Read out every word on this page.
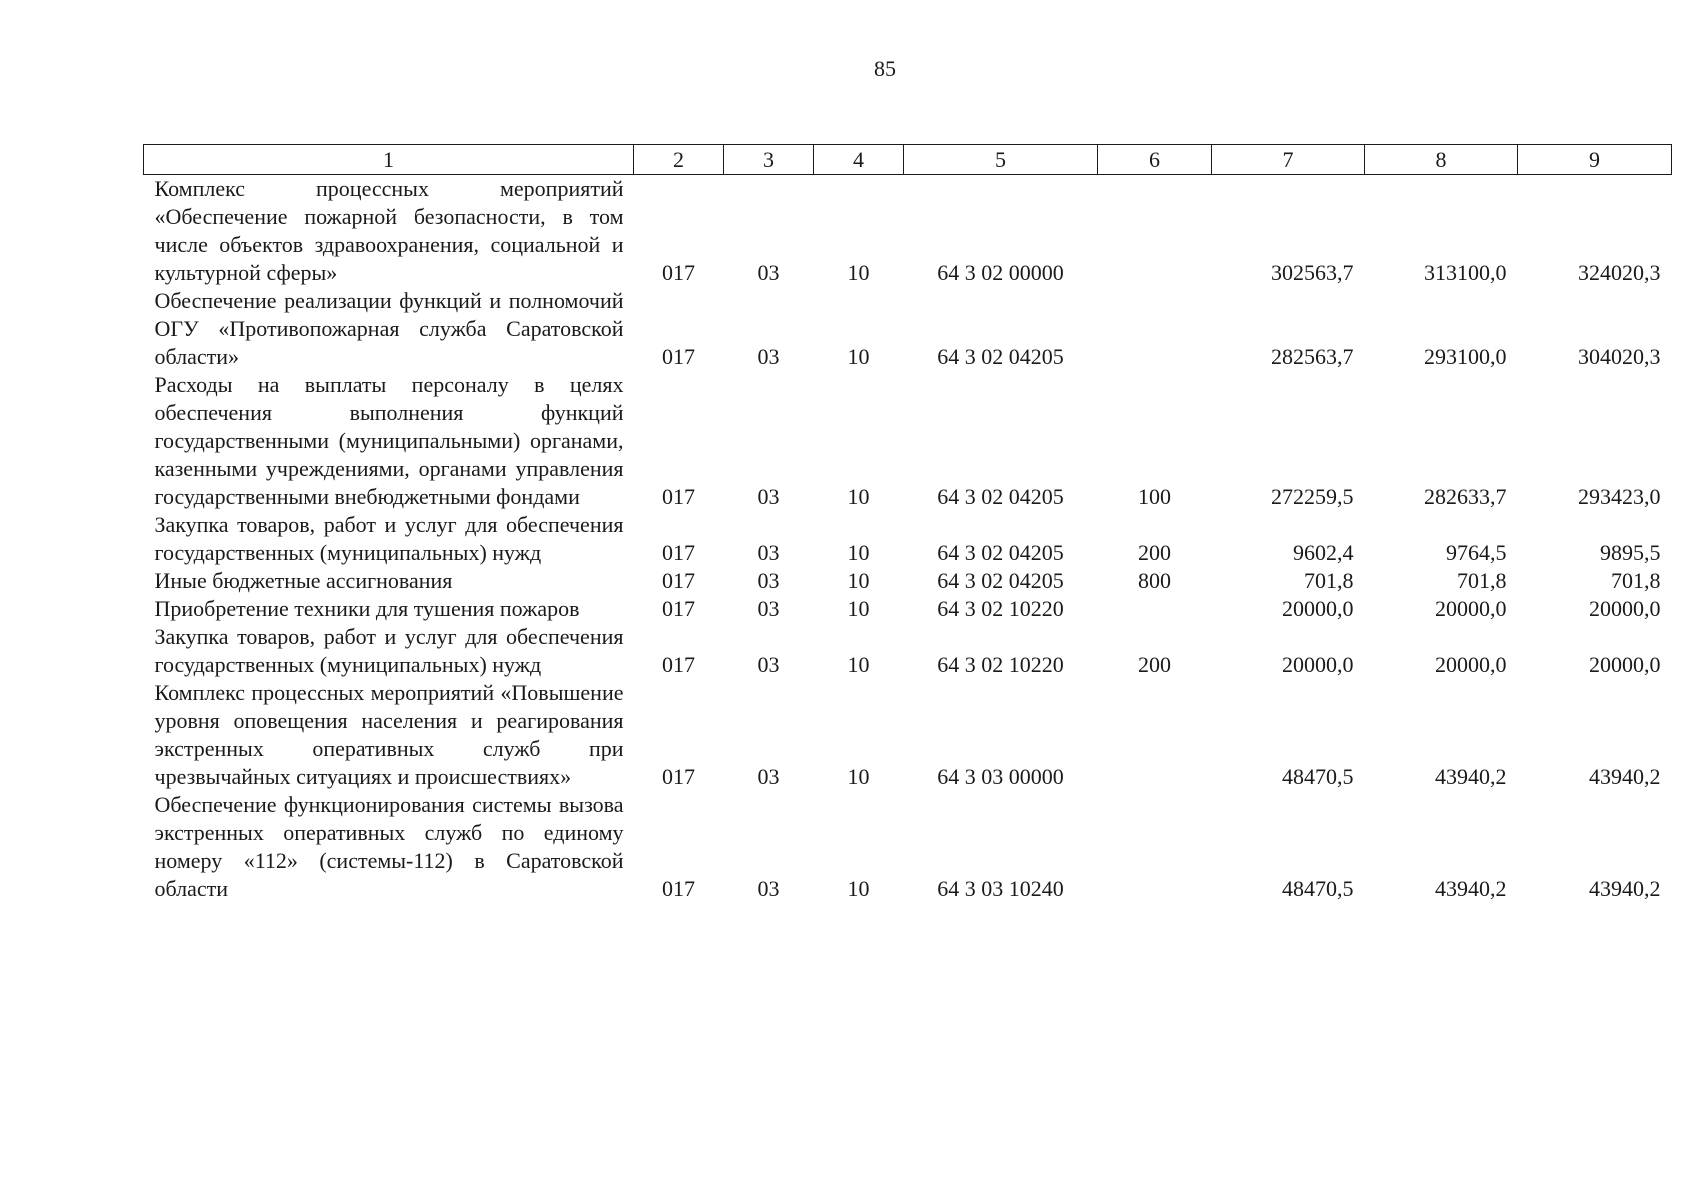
85
1	2	3	4	5	6	7	8	9
Комплекс процессных мероприятий «Обеспечение пожарной безопасности, в том числе объектов здравоохранения, социальной и культурной сферы»	017	03	10	64 3 02 00000		302563,7	313100,0	324020,3
Обеспечение реализации функций и полномочий ОГУ «Противопожарная служба Саратовской области»	017	03	10	64 3 02 04205		282563,7	293100,0	304020,3
Расходы на выплаты персоналу в целях обеспечения выполнения функций государственными (муниципальными) органами, казенными учреждениями, органами управления государственными внебюджетными фондами	017	03	10	64 3 02 04205	100	272259,5	282633,7	293423,0
Закупка товаров, работ и услуг для обеспечения государственных (муниципальных) нужд	017	03	10	64 3 02 04205	200	9602,4	9764,5	9895,5
Иные бюджетные ассигнования	017	03	10	64 3 02 04205	800	701,8	701,8	701,8
Приобретение техники для тушения пожаров	017	03	10	64 3 02 10220		20000,0	20000,0	20000,0
Закупка товаров, работ и услуг для обеспечения государственных (муниципальных) нужд	017	03	10	64 3 02 10220	200	20000,0	20000,0	20000,0
Комплекс процессных мероприятий «Повышение уровня оповещения населения и реагирования экстренных оперативных служб при чрезвычайных ситуациях и происшествиях»	017	03	10	64 3 03 00000		48470,5	43940,2	43940,2
Обеспечение функционирования системы вызова экстренных оперативных служб по единому номеру «112» (системы-112) в Саратовской области	017	03	10	64 3 03 10240		48470,5	43940,2	43940,2
